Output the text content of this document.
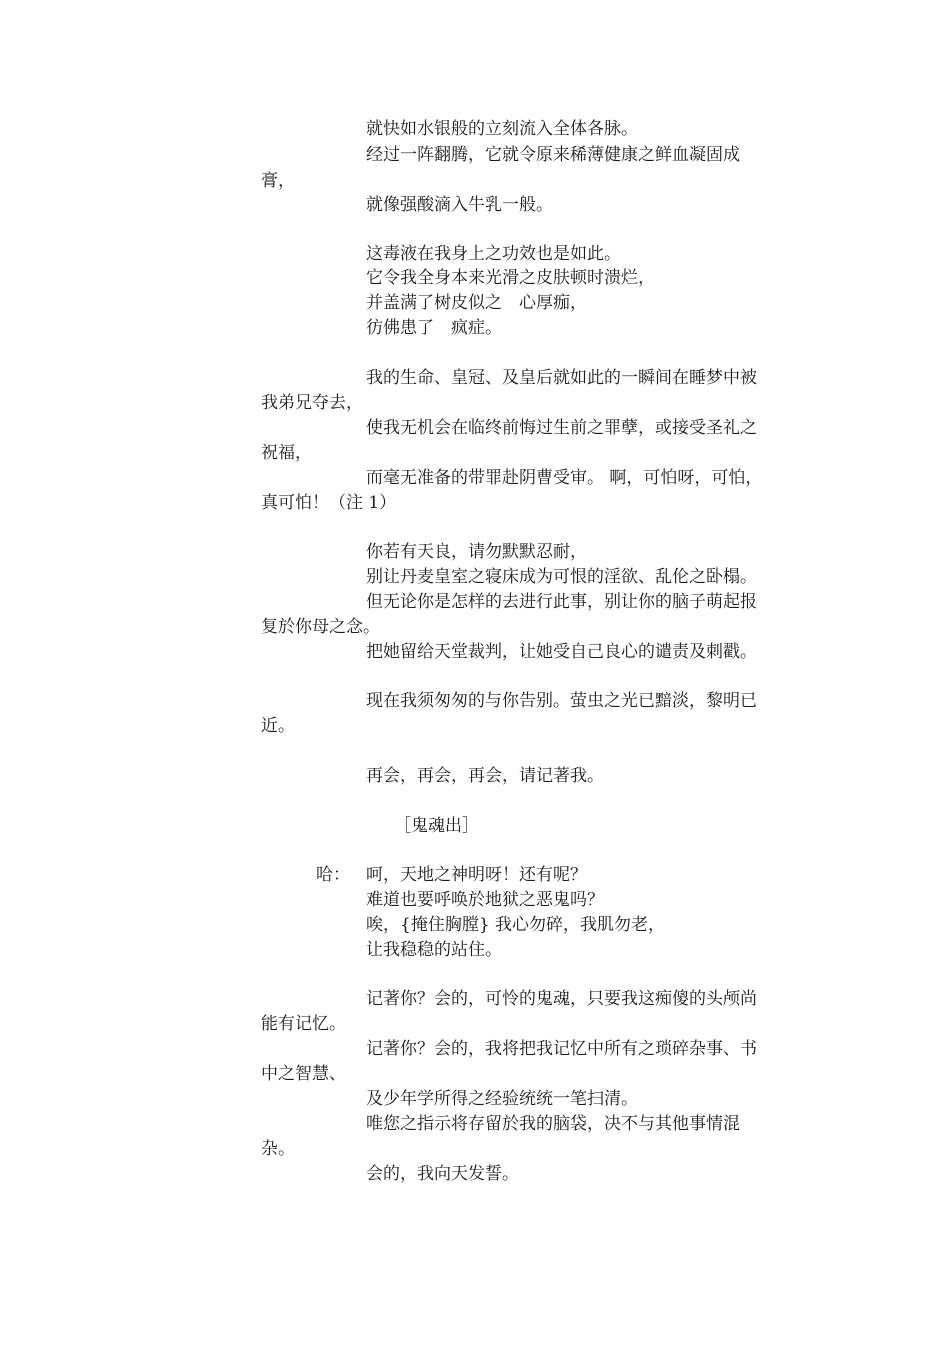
就快如水银般的立刻流入全体各脉。
经过一阵翻腾，它就令原来稀薄健康之鲜血凝固成
膏，
就像强酸滴入牛乳一般。
这毒液在我身上之功效也是如此。
它令我全身本来光滑之皮肤顿时溃烂，
并盖满了树皮似之　心厚痂，
彷佛患了　疯症。
我的生命、皇冠、及皇后就如此的一瞬间在睡梦中被
我弟兄夺去，
使我无机会在临终前悔过生前之罪孽，或接受圣礼之
祝福，
而毫无准备的带罪赴阴曹受审。 啊，可怕呀，可怕，
真可怕！（注 1）
你若有天良，请勿默默忍耐，
别让丹麦皇室之寝床成为可恨的淫欲、乱伦之卧榻。
但无论你是怎样的去进行此事，别让你的脑子萌起报
复於你母之念。
把她留给天堂裁判，让她受自己良心的谴责及刺戳。
现在我须匆匆的与你告别。萤虫之光已黯淡，黎明已
近。
再会，再会，再会，请记著我。
［鬼魂出］
哈： 呵，天地之神明呀！还有呢？
难道也要呼唤於地狱之恶鬼吗？
唉，{掩住胸膛} 我心勿碎，我肌勿老，
让我稳稳的站住。
记著你？会的，可怜的鬼魂，只要我这痴傻的头颅尚
能有记忆。
记著你？会的，我将把我记忆中所有之琐碎杂事、书
中之智慧、
及少年学所得之经验统统一笔扫清。
唯您之指示将存留於我的脑袋，决不与其他事情混
杂。
会的，我向天发誓。
